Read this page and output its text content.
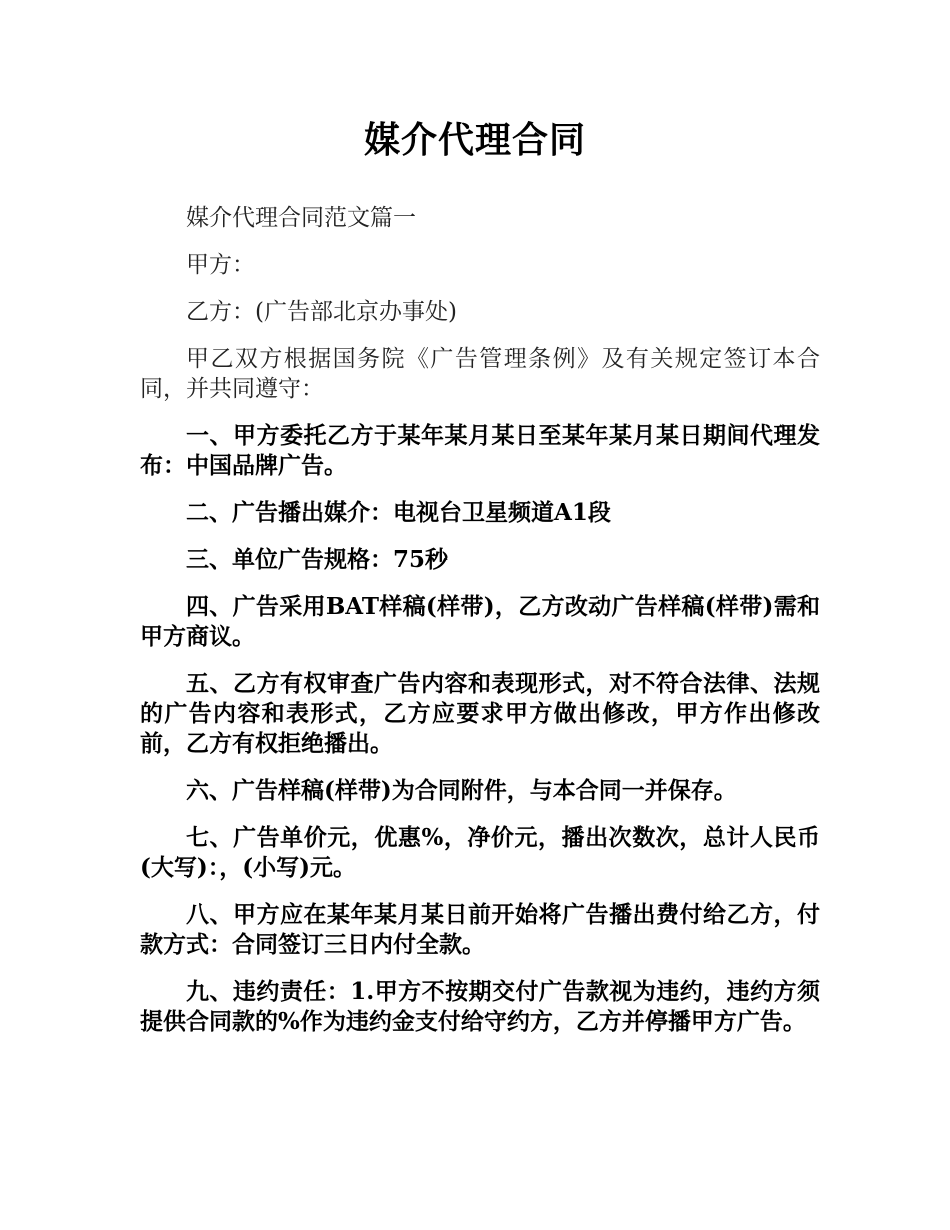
媒介代理合同

媒介代理合同范文篇一

甲方：

乙方：(广告部北京办事处)

甲乙双方根据国务院《广告管理条例》及有关规定签订本合同，并共同遵守：

一、甲方委托乙方于某年某月某日至某年某月某日期间代理发布：中国品牌广告。

二、广告播出媒介：电视台卫星频道A1段

三、单位广告规格：75秒

四、广告采用BAT样稿(样带)，乙方改动广告样稿(样带)需和甲方商议。

五、乙方有权审查广告内容和表现形式，对不符合法律、法规的广告内容和表形式，乙方应要求甲方做出修改，甲方作出修改前，乙方有权拒绝播出。

六、广告样稿(样带)为合同附件，与本合同一并保存。

七、广告单价元，优惠%，净价元，播出次数次，总计人民币(大写)：，(小写)元。

八、甲方应在某年某月某日前开始将广告播出费付给乙方，付款方式：合同签订三日内付全款。

九、违约责任：1.甲方不按期交付广告款视为违约，违约方须提供合同款的%作为违约金支付给守约方，乙方并停播甲方广告。
